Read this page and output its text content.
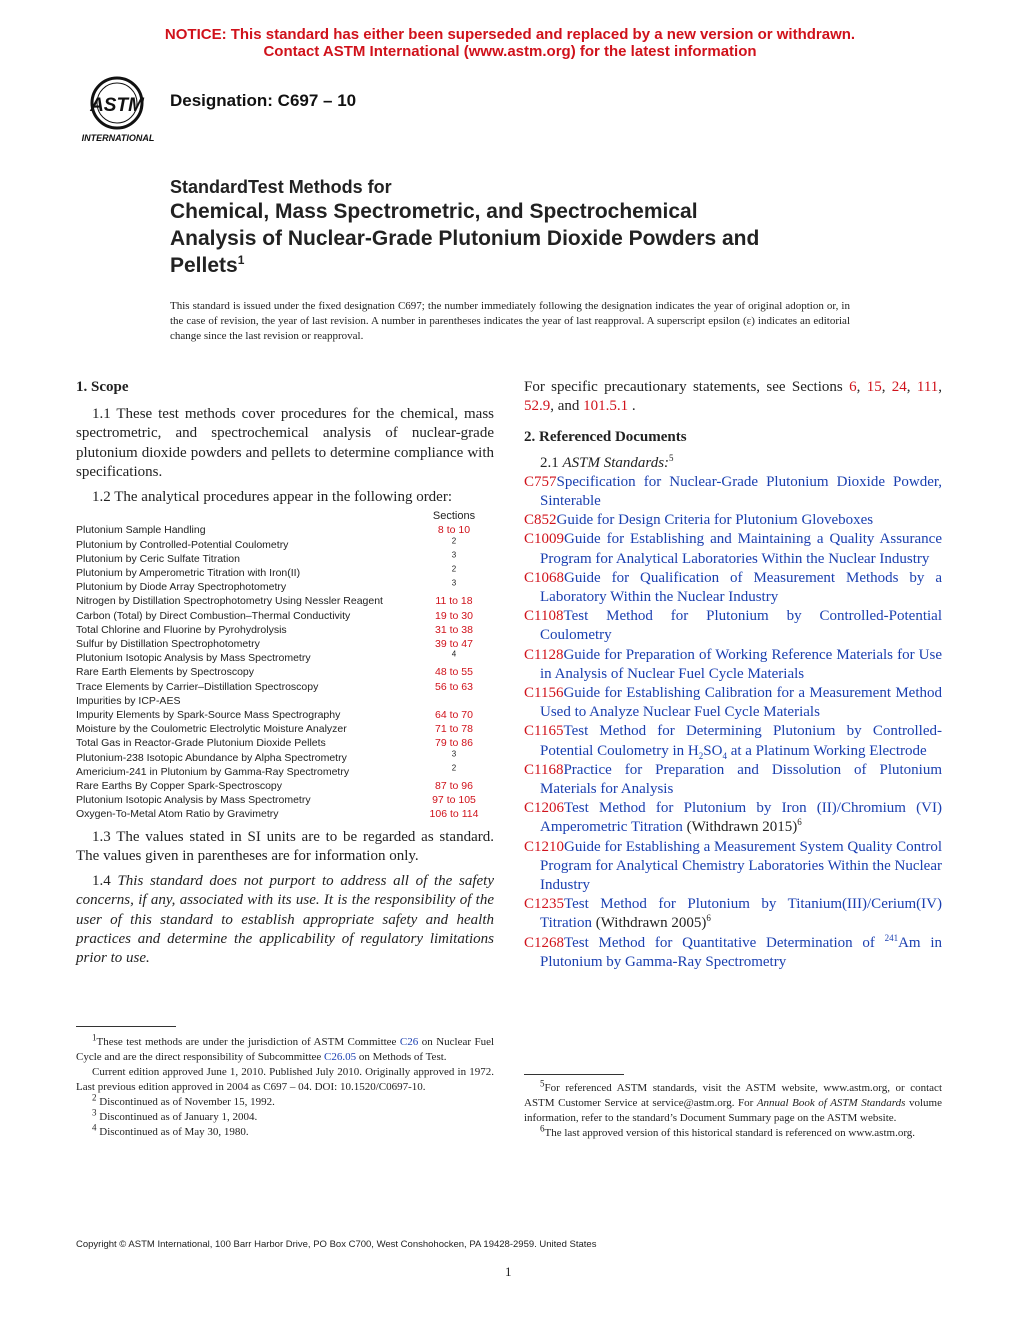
NOTICE: This standard has either been superseded and replaced by a new version or withdrawn.
Contact ASTM International (www.astm.org) for the latest information
ASTM
INTERNATIONAL
Designation: C697 – 10
StandardTest Methods for
Chemical, Mass Spectrometric, and Spectrochemical
Analysis of Nuclear-Grade Plutonium Dioxide Powders and
Pellets$^1$
This standard is issued under the fixed designation C697; the number immediately following the designation indicates the year of original adoption or, in the case of revision, the year of last revision. A number in parentheses indicates the year of last reapproval. A superscript epsilon (ε) indicates an editorial change since the last revision or reapproval.
1. Scope

1.1 These test methods cover procedures for the chemical, mass spectrometric, and spectrochemical analysis of nuclear-grade plutonium dioxide powders and pellets to determine compliance with specifications.

1.2 The analytical procedures appear in the following order:

	Sections
Plutonium Sample Handling	8 to 10
Plutonium by Controlled-Potential Coulometry	$^2$
Plutonium by Ceric Sulfate Titration	$^3$
Plutonium by Amperometric Titration with Iron(II)	$^2$
Plutonium by Diode Array Spectrophotometry	$^3$
Nitrogen by Distillation Spectrophotometry Using Nessler Reagent	11 to 18
Carbon (Total) by Direct Combustion–Thermal Conductivity	19 to 30
Total Chlorine and Fluorine by Pyrohydrolysis	31 to 38
Sulfur by Distillation Spectrophotometry	39 to 47
Plutonium Isotopic Analysis by Mass Spectrometry	$^4$
Rare Earth Elements by Spectroscopy	48 to 55
Trace Elements by Carrier–Distillation Spectroscopy	56 to 63
Impurities by ICP-AES	
Impurity Elements by Spark-Source Mass Spectrography	64 to 70
Moisture by the Coulometric Electrolytic Moisture Analyzer	71 to 78
Total Gas in Reactor-Grade Plutonium Dioxide Pellets	79 to 86
Plutonium-238 Isotopic Abundance by Alpha Spectrometry	$^3$
Americium-241 in Plutonium by Gamma-Ray Spectrometry	$^2$
Rare Earths By Copper Spark-Spectroscopy	87 to 96
Plutonium Isotopic Analysis by Mass Spectrometry	97 to 105
Oxygen-To-Metal Atom Ratio by Gravimetry	106 to 114

1.3 The values stated in SI units are to be regarded as standard. The values given in parentheses are for information only.

1.4 This standard does not purport to address all of the safety concerns, if any, associated with its use. It is the responsibility of the user of this standard to establish appropriate safety and health practices and determine the applicability of regulatory limitations prior to use.

$^1$These test methods are under the jurisdiction of ASTM Committee C26 on Nuclear Fuel Cycle and are the direct responsibility of Subcommittee C26.05 on Methods of Test.

Current edition approved June 1, 2010. Published July 2010. Originally approved in 1972. Last previous edition approved in 2004 as C697 – 04. DOI: 10.1520/C0697-10.

$^2$ Discontinued as of November 15, 1992.

$^3$ Discontinued as of January 1, 2004.

$^4$ Discontinued as of May 30, 1980.

For specific precautionary statements, see Sections 6, 15, 24, 111, 52.9, and 101.5.1 .

2. Referenced Documents

2.1 ASTM Standards:$^5$

C757Specification for Nuclear-Grade Plutonium Dioxide Powder, Sinterable

C852Guide for Design Criteria for Plutonium Gloveboxes

C1009Guide for Establishing and Maintaining a Quality Assurance Program for Analytical Laboratories Within the Nuclear Industry

C1068Guide for Qualification of Measurement Methods by a Laboratory Within the Nuclear Industry

C1108Test Method for Plutonium by Controlled-Potential Coulometry

C1128Guide for Preparation of Working Reference Materials for Use in Analysis of Nuclear Fuel Cycle Materials

C1156Guide for Establishing Calibration for a Measurement Method Used to Analyze Nuclear Fuel Cycle Materials

C1165Test Method for Determining Plutonium by Controlled-Potential Coulometry in $H_2SO_4$ at a Platinum Working Electrode

C1168Practice for Preparation and Dissolution of Plutonium Materials for Analysis

C1206Test Method for Plutonium by Iron (II)/Chromium (VI) Amperometric Titration (Withdrawn 2015)$^6$

C1210Guide for Establishing a Measurement System Quality Control Program for Analytical Chemistry Laboratories Within the Nuclear Industry

C1235Test Method for Plutonium by Titanium(III)/Cerium(IV) Titration (Withdrawn 2005)$^6$

C1268Test Method for Quantitative Determination of $^{241}$Am in Plutonium by Gamma-Ray Spectrometry

$^5$For referenced ASTM standards, visit the ASTM website, www.astm.org, or contact ASTM Customer Service at service@astm.org. For Annual Book of ASTM Standards volume information, refer to the standard’s Document Summary page on the ASTM website.

$^6$The last approved version of this historical standard is referenced on www.astm.org.

Copyright © ASTM International, 100 Barr Harbor Drive, PO Box C700, West Conshohocken, PA 19428-2959. United States
1
